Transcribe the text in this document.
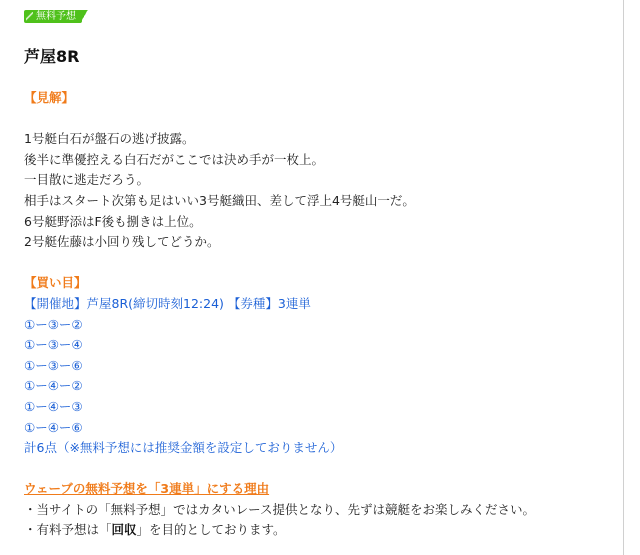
無料予想
芦屋8R
【見解】
1号艇白石が盤石の逃げ披露。
後半に準優控える白石だがここでは決め手が一枚上。
一目散に逃走だろう。
相手はスタート次第も足はいい3号艇織田、差して浮上4号艇山一だ。
6号艇野添はF後も捌きは上位。
2号艇佐藤は小回り残してどうか。
【買い目】
【開催地】芦屋8R(締切時刻12:24) 【券種】3連単
①ー③ー②
①ー③ー④
①ー③ー⑥
①ー④ー②
①ー④ー③
①ー④ー⑥
計6点（※無料予想には推奨金額を設定しておりません）
ウェーブの無料予想を「3連単」にする理由
・当サイトの「無料予想」ではカタいレース提供となり、先ずは競艇をお楽しみください。
・有料予想は「回収」を目的としております。
